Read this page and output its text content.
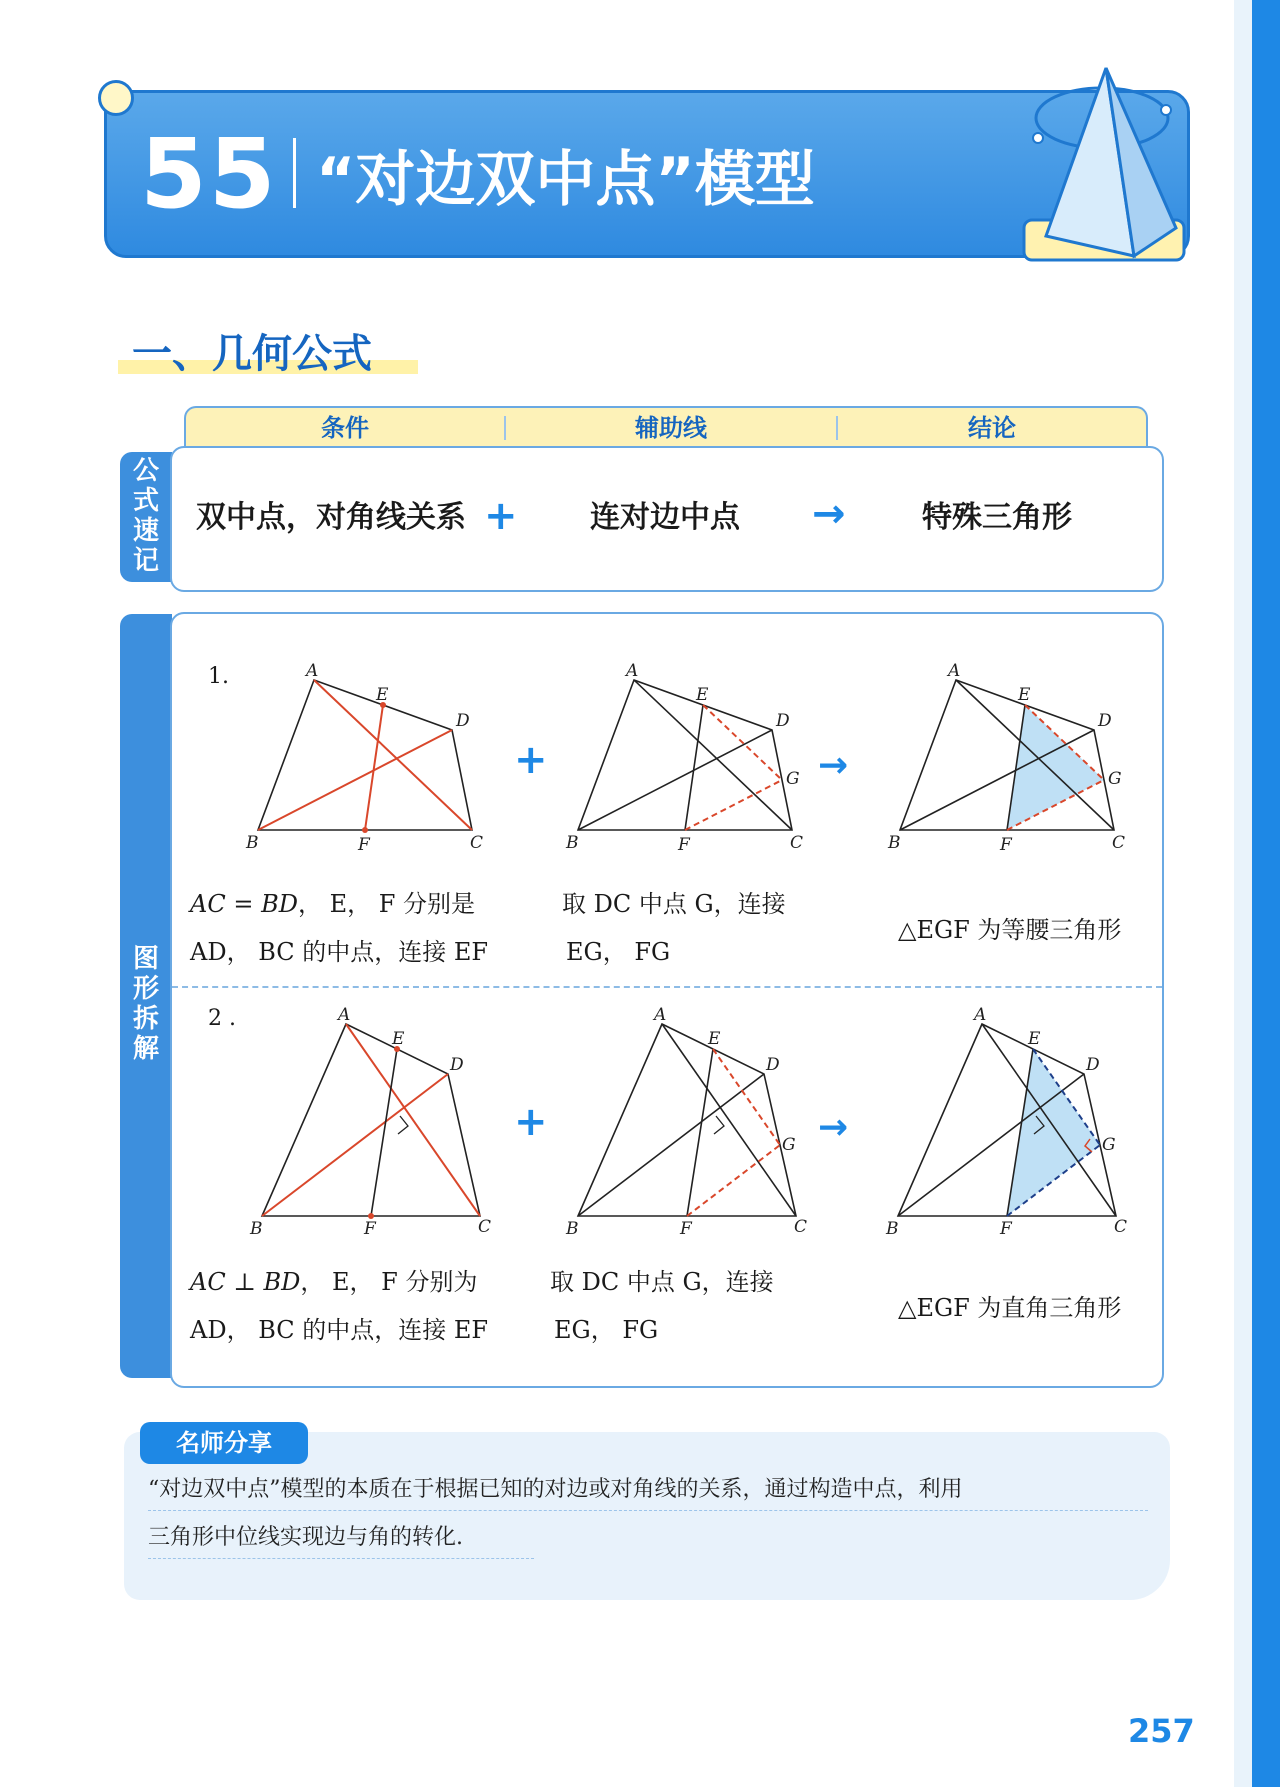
55 “对边双中点”模型
一、几何公式
条件	辅助线	结论
公
式
速
记
双中点，对角线关系 + 连对边中点 →	特殊三角形
图
形
拆
解
1.	A
E
D
B	F	C
+
A
E
D
G
B	F	C
→
A
E
D
G
B	F	C
AC = BD， E， F 分别是
AD， BC 的中点，连接 EF
取 DC 中点 G，连接
EG， FG
△EGF 为等腰三角形
2 .	A
E
D
B	F	C
+
A
E
D
G
B	F	C
→
A
E
D
G
B	F	C
AC ⊥ BD， E， F 分别为
AD， BC 的中点，连接 EF
取 DC 中点 G，连接
EG， FG
△EGF 为直角三角形
名师分享
“对边双中点”模型的本质在于根据已知的对边或对角线的关系，通过构造中点，利用
三角形中位线实现边与角的转化.
257
